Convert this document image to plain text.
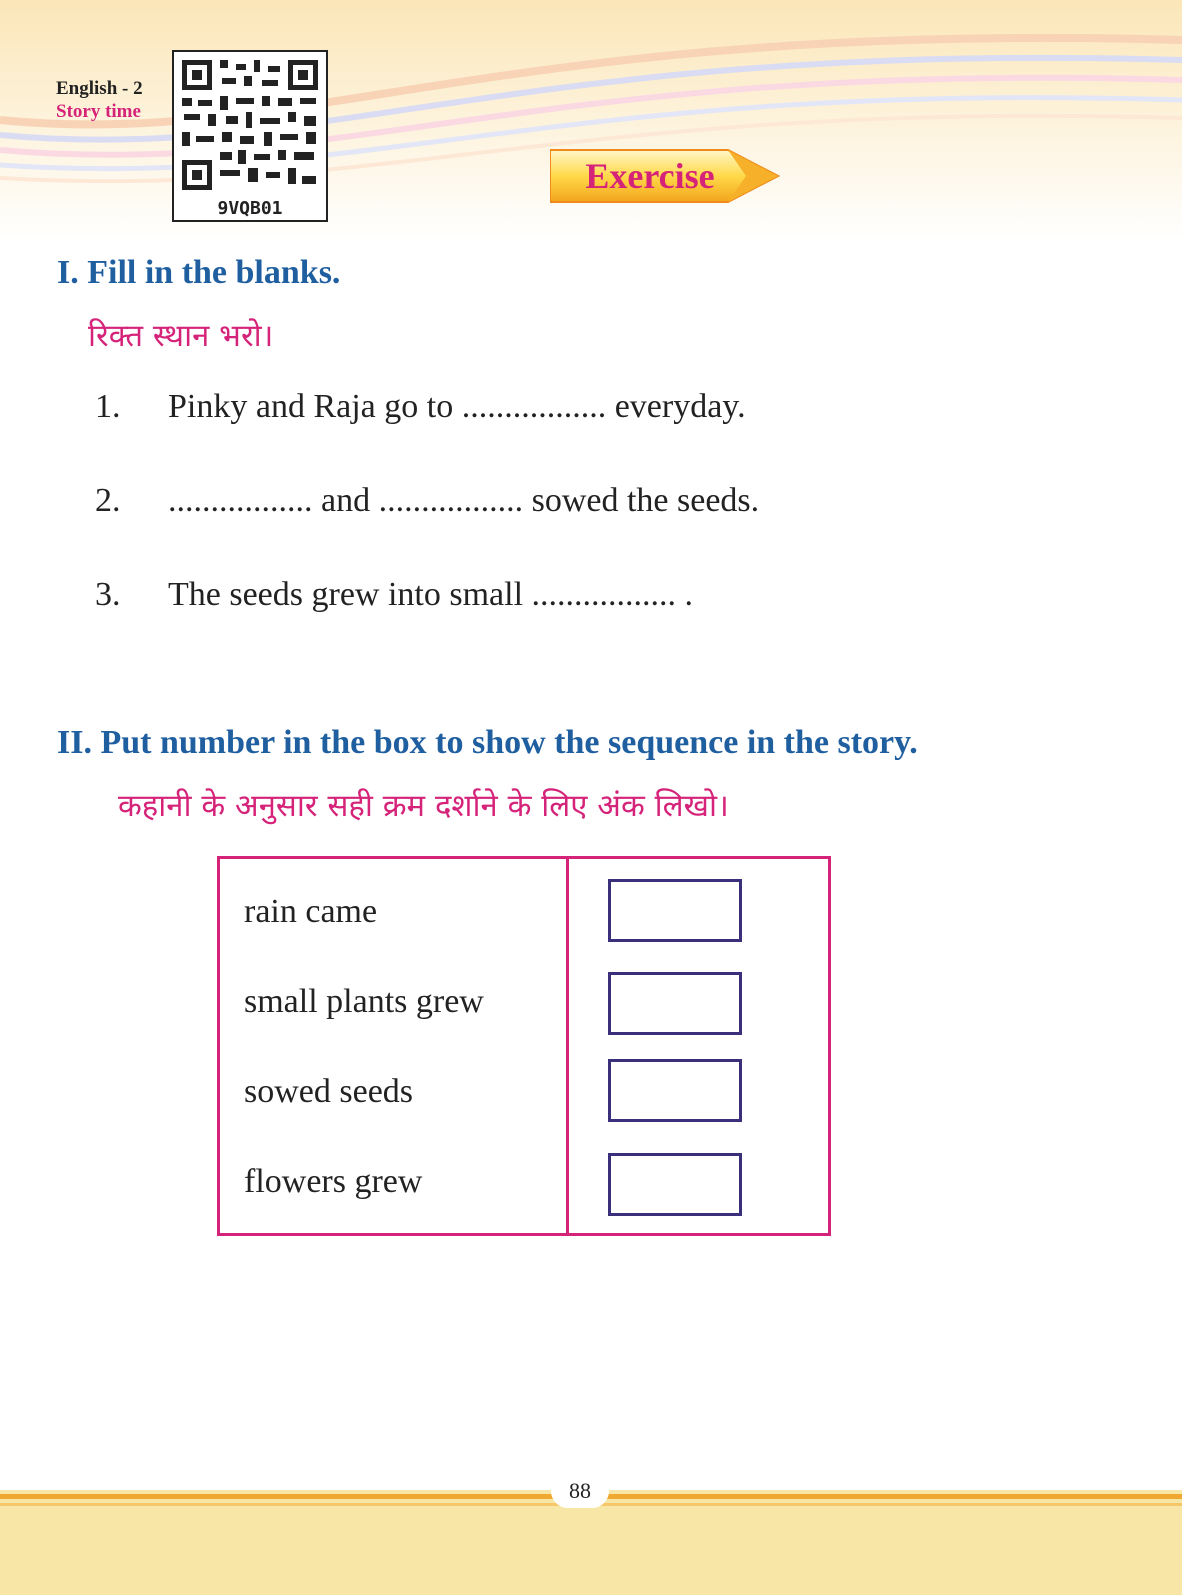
English - 2
Story time
9VQB01
Exercise
I. Fill in the blanks.
रिक्त स्थान भरो।
1. Pinky and Raja go to ................. everyday.
2. ................. and ................. sowed the seeds.
3. The seeds grew into small ................. .
II. Put number in the box to show the sequence in the story.
कहानी के अनुसार सही क्रम दर्शाने के लिए अंक लिखो।
rain came
small plants grew
sowed seeds
flowers grew
88
